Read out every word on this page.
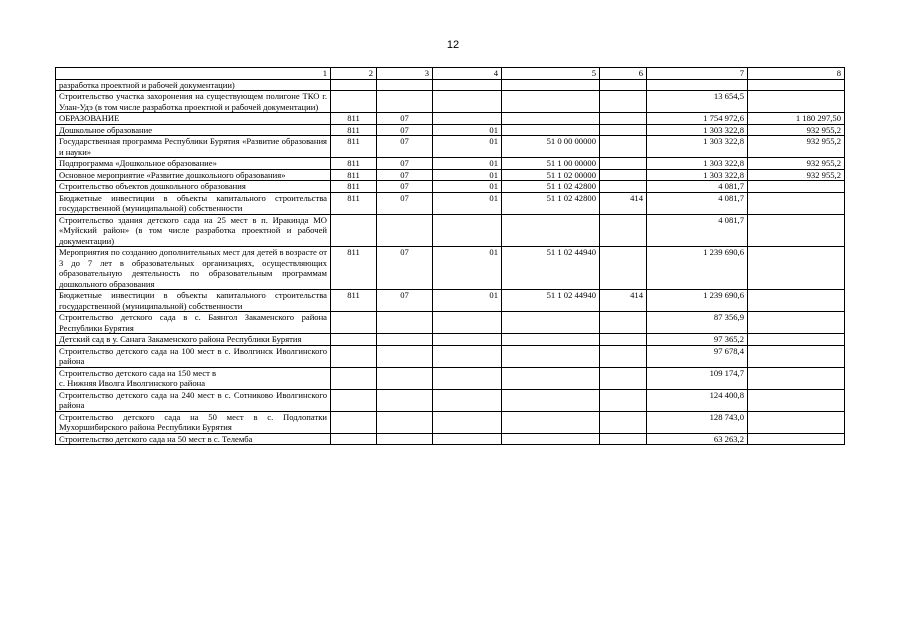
12
1	2	3	4	5	6	7	8
разработка проектной и рабочей документации)							
Строительство участка захоронения на существующем полигоне ТКО г. Улан-Удэ (в том числе разработка проектной и рабочей документации)						13 654,5	
ОБРАЗОВАНИЕ	811	07				1 754 972,6	1 180 297,50
Дошкольное образование	811	07	01			1 303 322,8	932 955,2
Государственная программа Республики Бурятия «Развитие образования и науки»	811	07	01	51 0 00 00000		1 303 322,8	932 955,2
Подпрограмма «Дошкольное образование»	811	07	01	51 1 00 00000		1 303 322,8	932 955,2
Основное мероприятие «Развитие дошкольного образования»	811	07	01	51 1 02 00000		1 303 322,8	932 955,2
Строительство объектов дошкольного образования	811	07	01	51 1 02 42800		4 081,7	
Бюджетные инвестиции в объекты капитального строительства государственной (муниципальной) собственности	811	07	01	51 1 02 42800	414	4 081,7	
Строительство здания детского сада на 25 мест в п. Иракинда МО «Муйский район» (в том числе разработка проектной и рабочей документации)						4 081,7	
Мероприятия по созданию дополнительных мест для детей в возрасте от 3 до 7 лет в образовательных организациях, осуществляющих образовательную деятельность по образовательным программам дошкольного образования	811	07	01	51 1 02 44940		1 239 690,6	
Бюджетные инвестиции в объекты капитального строительства государственной (муниципальной) собственности	811	07	01	51 1 02 44940	414	1 239 690,6	
Строительство детского сада в с. Баянгол Закаменского района Республики Бурятия						87 356,9	
Детский сад в у. Санага Закаменского района Республики Бурятия						97 365,2	
Строительство детского сада на 100 мест в с. Иволгинск Иволгинского района						97 678,4	
Строительство детского сада на 150 мест в
с. Нижняя Иволга Иволгинского района						109 174,7	
Строительство детского сада на 240 мест в с. Сотниково Иволгинского района						124 400,8	
Строительство детского сада на 50 мест в с. Подлопатки Мухоршибирского района Республики Бурятия						128 743,0	
Строительство детского сада на 50 мест в с. Телемба						63 263,2	
